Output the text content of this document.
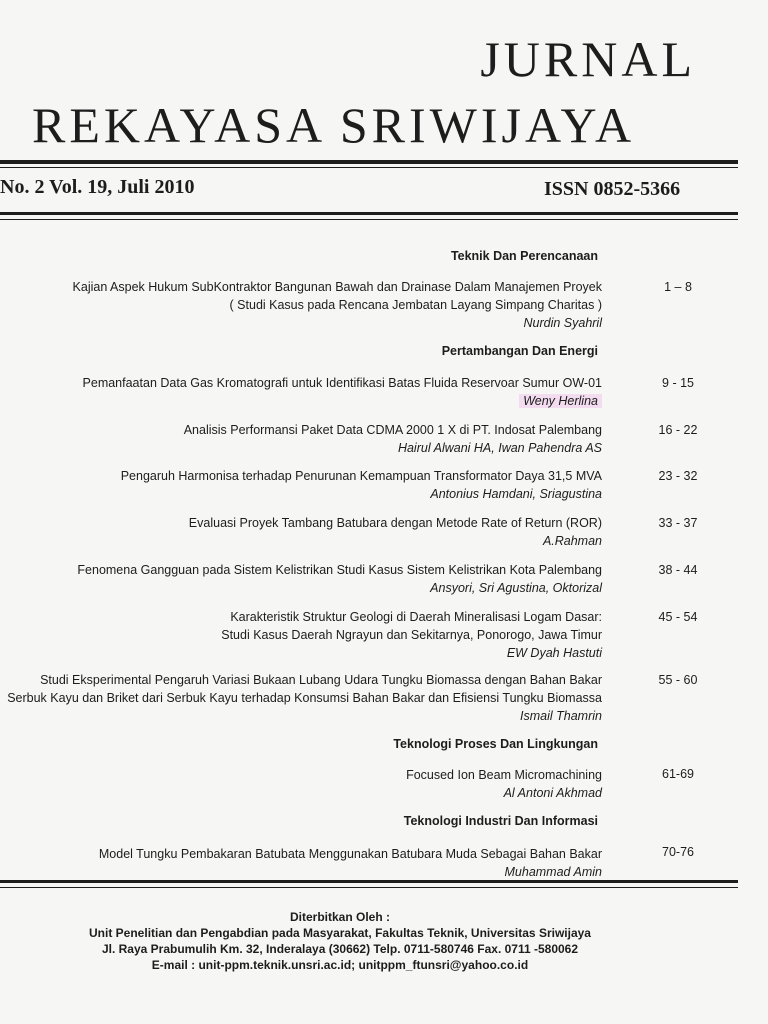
JURNAL
REKAYASA SRIWIJAYA
No. 2 Vol. 19, Juli 2010	ISSN 0852-5366
Teknik Dan Perencanaan
Kajian Aspek Hukum SubKontraktor Bangunan Bawah dan Drainase Dalam Manajemen Proyek
( Studi Kasus pada Rencana Jembatan Layang Simpang Charitas )
Nurdin Syahril
1 – 8
Pertambangan Dan Energi
Pemanfaatan Data Gas Kromatografi untuk Identifikasi Batas Fluida Reservoar Sumur OW-01
Weny Herlina
9 - 15
Analisis Performansi Paket Data CDMA 2000 1 X di PT. Indosat Palembang
Hairul Alwani HA, Iwan Pahendra AS
16 - 22
Pengaruh Harmonisa terhadap Penurunan Kemampuan Transformator Daya 31,5 MVA
Antonius Hamdani, Sriagustina
23 - 32
Evaluasi Proyek Tambang Batubara dengan Metode Rate of Return (ROR)
A.Rahman
33 - 37
Fenomena Gangguan pada Sistem Kelistrikan Studi Kasus Sistem Kelistrikan Kota Palembang
Ansyori, Sri Agustina, Oktorizal
38 - 44
Karakteristik Struktur Geologi di Daerah Mineralisasi Logam Dasar:
Studi Kasus Daerah Ngrayun dan Sekitarnya, Ponorogo, Jawa Timur
EW Dyah Hastuti
45 - 54
Studi Eksperimental Pengaruh Variasi Bukaan Lubang Udara Tungku Biomassa dengan Bahan Bakar
Serbuk Kayu dan Briket dari Serbuk Kayu terhadap Konsumsi Bahan Bakar dan Efisiensi Tungku Biomassa
Ismail Thamrin
55 - 60
Teknologi Proses Dan Lingkungan
Focused Ion Beam Micromachining
Al Antoni Akhmad
61-69
Teknologi Industri Dan Informasi
Model Tungku Pembakaran Batubata Menggunakan Batubara Muda Sebagai Bahan Bakar
Muhammad Amin
70-76
Diterbitkan Oleh :
Unit Penelitian dan Pengabdian pada Masyarakat, Fakultas Teknik, Universitas Sriwijaya
Jl. Raya Prabumulih Km. 32, Inderalaya (30662) Telp. 0711-580746 Fax. 0711 -580062
E-mail : unit-ppm.teknik.unsri.ac.id; unitppm_ftunsri@yahoo.co.id
